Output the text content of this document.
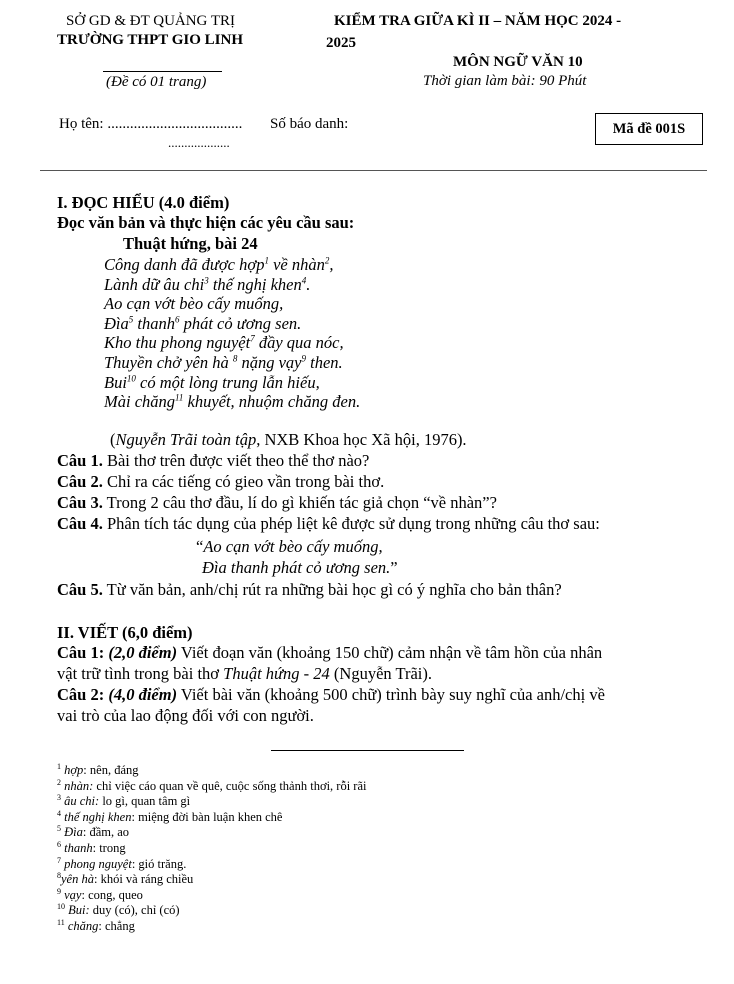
SỞ GD & ĐT QUẢNG TRỊ
TRƯỜNG THPT GIO LINH
(Đề có 01 trang)
KIỂM TRA GIỮA KÌ II – NĂM HỌC 2024 -
2025
MÔN NGỮ VĂN 10
Thời gian làm bài: 90 Phút
Họ tên: .................................... Số báo danh:
...................
Mã đề 001S
I. ĐỌC HIỂU (4.0 điểm)
Đọc văn bản và thực hiện các yêu cầu sau:
Thuật hứng, bài 24
Công danh đã được hợp$^1$ về nhàn$^2$,
Lành dữ âu chi$^3$ thế nghị khen$^4$.
Ao cạn vớt bèo cấy muống,
Đìa$^5$ thanh$^6$ phát cỏ ương sen.
Kho thu phong nguyệt$^7$ đầy qua nóc,
Thuyền chở yên hà $^8$ nặng vạy$^9$ then.
Bui$^{10}$ có một lòng trung lẫn hiếu,
Mài chăng$^{11}$ khuyết, nhuộm chăng đen.
(Nguyễn Trãi toàn tập, NXB Khoa học Xã hội, 1976).
Câu 1. Bài thơ trên được viết theo thể thơ nào?
Câu 2. Chỉ ra các tiếng có gieo vần trong bài thơ.
Câu 3. Trong 2 câu thơ đầu, lí do gì khiến tác giả chọn “về nhàn”?
Câu 4. Phân tích tác dụng của phép liệt kê được sử dụng trong những câu thơ sau:
“Ao cạn vớt bèo cấy muống,
Đìa thanh phát cỏ ương sen.”
Câu 5. Từ văn bản, anh/chị rút ra những bài học gì có ý nghĩa cho bản thân?
II. VIẾT (6,0 điểm)
Câu 1: (2,0 điểm) Viết đoạn văn (khoảng 150 chữ) cảm nhận về tâm hồn của nhân
vật trữ tình trong bài thơ Thuật hứng - 24 (Nguyễn Trãi).
Câu 2: (4,0 điểm) Viết bài văn (khoảng 500 chữ) trình bày suy nghĩ của anh/chị về
vai trò của lao động đối với con người.
$^1$ hợp: nên, đáng
$^2$ nhàn: chỉ việc cáo quan về quê, cuộc sống thảnh thơi, rỗi rãi
$^3$ âu chi: lo gì, quan tâm gì
$^4$ thế nghị khen: miệng đời bàn luận khen chê
$^5$ Đìa: đầm, ao
$^6$ thanh: trong
$^7$ phong nguyệt: gió trăng.
$^8$yên hà: khói và ráng chiều
$^9$ vạy: cong, queo
$^{10}$ Bui: duy (có), chỉ (có)
$^{11}$ chăng: chẳng
